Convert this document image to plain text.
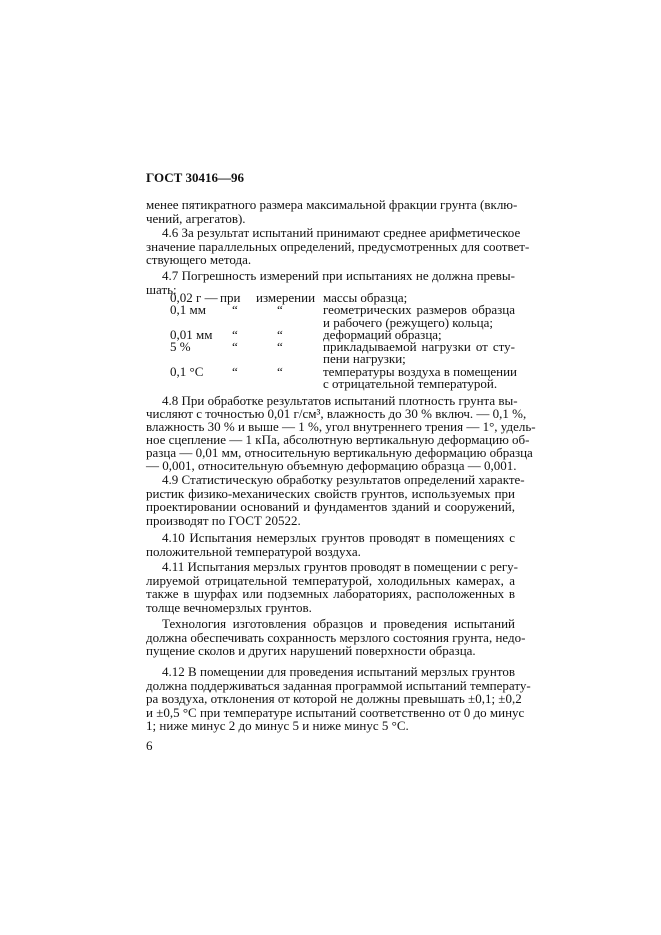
ГОСТ 30416—96
менее пятикратного размера максимальной фракции грунта (вклю-
чений, агрегатов).
4.6 За результат испытаний принимают среднее арифметическое
значение параллельных определений, предусмотренных для соответ-
ствующего метода.
4.7 Погрешность измерений при испытаниях не должна превы-
шать:
0,02 г — при измерении массы образца;
0,1 мм “	“	геометрических размеров образца
и рабочего (режущего) кольца;
0,01 мм “	“	деформаций образца;
5 %	“	“	прикладываемой нагрузки от сту-
пени нагрузки;
0,1 °С “	“	температуры воздуха в помещении
с отрицательной температурой.
4.8 При обработке результатов испытаний плотность грунта вы-
числяют с точностью 0,01 г/см³, влажность до 30 % включ. — 0,1 %,
влажность 30 % и выше — 1 %, угол внутреннего трения — 1°, удель-
ное сцепление — 1 кПа, абсолютную вертикальную деформацию об-
разца — 0,01 мм, относительную вертикальную деформацию образца
— 0,001, относительную объемную деформацию образца — 0,001.
4.9 Статистическую обработку результатов определений характе-
ристик физико-механических свойств грунтов, используемых при
проектировании оснований и фундаментов зданий и сооружений,
производят по ГОСТ 20522.
4.10 Испытания немерзлых грунтов проводят в помещениях с
положительной температурой воздуха.
4.11 Испытания мерзлых грунтов проводят в помещении с регу-
лируемой отрицательной температурой, холодильных камерах, а
также в шурфах или подземных лабораториях, расположенных в
толще вечномерзлых грунтов.
Технология изготовления образцов и проведения испытаний
должна обеспечивать сохранность мерзлого состояния грунта, недо-
пущение сколов и других нарушений поверхности образца.
4.12 В помещении для проведения испытаний мерзлых грунтов
должна поддерживаться заданная программой испытаний температу-
ра воздуха, отклонения от которой не должны превышать ±0,1; ±0,2
и ±0,5 °С при температуре испытаний соответственно от 0 до минус
1; ниже минус 2 до минус 5 и ниже минус 5 °С.
6
